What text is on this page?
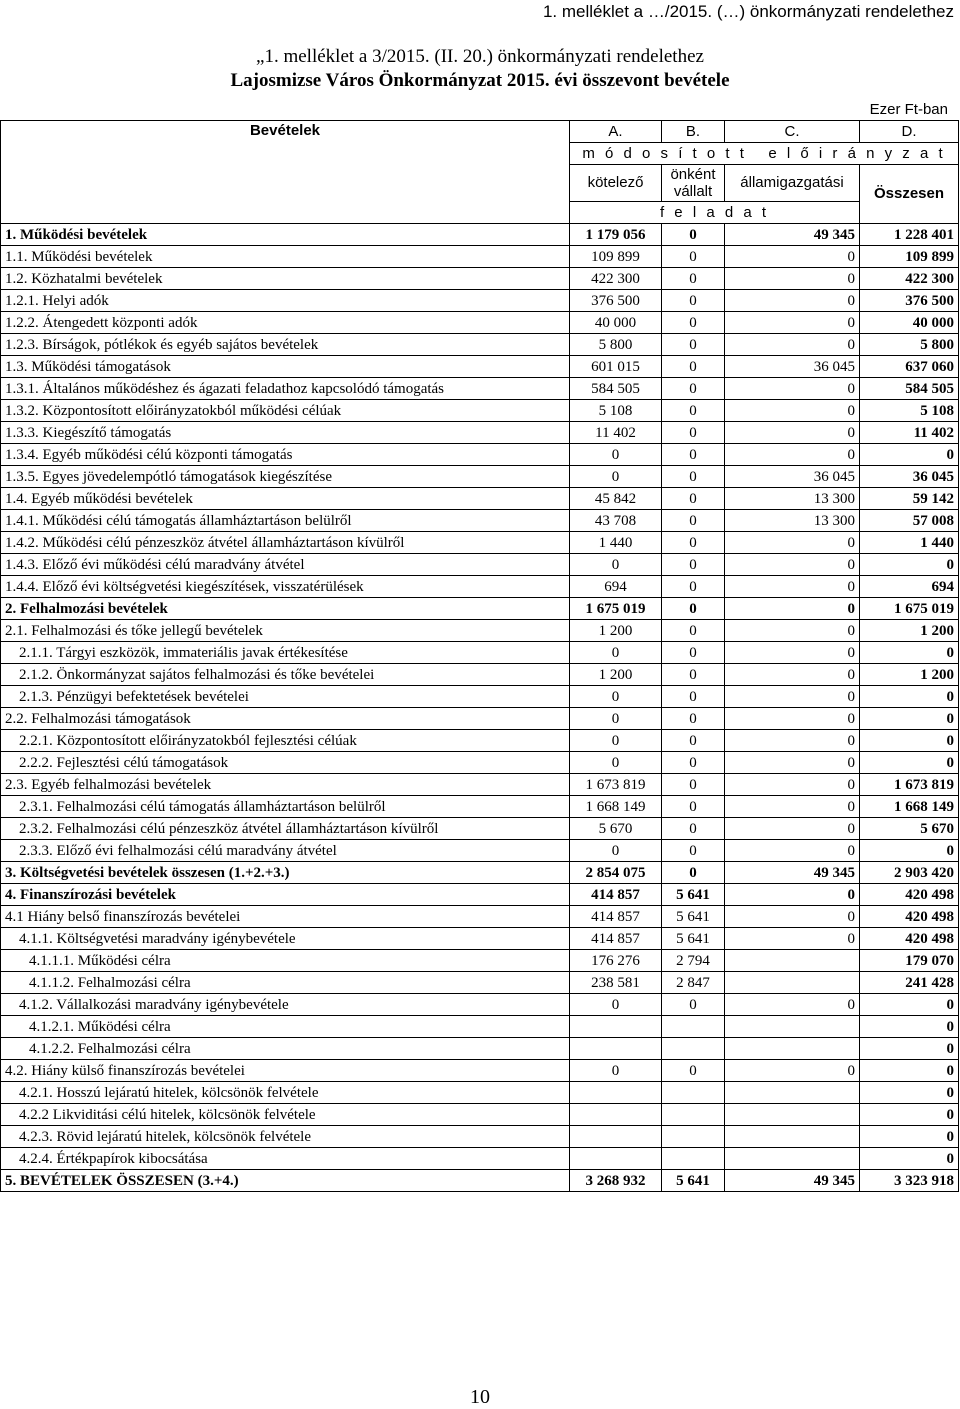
1. melléklet a …/2015. (…) önkormányzati rendelethez
„1. melléklet a 3/2015. (II. 20.) önkormányzati rendelethez
Lajosmizse Város Önkormányzat 2015. évi összevont bevétele
Ezer Ft-ban
Bevételek	A.	B.	C.	D.
	m ó d o s í t o t t   e l ő i r á n y z a t			
	kötelező	önként vállalt	államigazgatási	Összesen
	f e l a d a t			
1. Működési bevételek	1 179 056	0	49 345	1 228 401
1.1. Működési bevételek	109 899	0	0	109 899
1.2. Közhatalmi bevételek	422 300	0	0	422 300
1.2.1. Helyi adók	376 500	0	0	376 500
1.2.2. Átengedett központi adók	40 000	0	0	40 000
1.2.3. Bírságok, pótlékok és egyéb sajátos bevételek	5 800	0	0	5 800
1.3. Működési támogatások	601 015	0	36 045	637 060
1.3.1. Általános működéshez és ágazati feladathoz kapcsolódó támogatás	584 505	0	0	584 505
1.3.2. Központosított előirányzatokból működési célúak	5 108	0	0	5 108
1.3.3. Kiegészítő támogatás	11 402	0	0	11 402
1.3.4. Egyéb működési célú központi támogatás	0	0	0	0
1.3.5. Egyes jövedelempótló támogatások kiegészítése	0	0	36 045	36 045
1.4. Egyéb működési bevételek	45 842	0	13 300	59 142
1.4.1. Működési célú támogatás államháztartáson belülről	43 708	0	13 300	57 008
1.4.2. Működési célú pénzeszköz átvétel államháztartáson kívülről	1 440	0	0	1 440
1.4.3. Előző évi működési célú maradvány átvétel	0	0	0	0
1.4.4. Előző évi költségvetési kiegészítések, visszatérülések	694	0	0	694
2. Felhalmozási bevételek	1 675 019	0	0	1 675 019
2.1. Felhalmozási és tőke jellegű bevételek	1 200	0	0	1 200
2.1.1. Tárgyi eszközök, immateriális javak értékesítése	0	0	0	0
2.1.2. Önkormányzat sajátos felhalmozási és tőke bevételei	1 200	0	0	1 200
2.1.3. Pénzügyi befektetések bevételei	0	0	0	0
2.2. Felhalmozási támogatások	0	0	0	0
2.2.1. Központosított előirányzatokból fejlesztési célúak	0	0	0	0
2.2.2. Fejlesztési célú támogatások	0	0	0	0
2.3. Egyéb felhalmozási bevételek	1 673 819	0	0	1 673 819
2.3.1. Felhalmozási célú támogatás államháztartáson belülről	1 668 149	0	0	1 668 149
2.3.2. Felhalmozási célú pénzeszköz átvétel államháztartáson kívülről	5 670	0	0	5 670
2.3.3. Előző évi felhalmozási célú maradvány átvétel	0	0	0	0
3. Költségvetési bevételek összesen (1.+2.+3.)	2 854 075	0	49 345	2 903 420
4. Finanszírozási bevételek	414 857	5 641	0	420 498
4.1 Hiány belső finanszírozás bevételei	414 857	5 641	0	420 498
4.1.1. Költségvetési maradvány igénybevétele	414 857	5 641	0	420 498
4.1.1.1. Működési célra	176 276	2 794		179 070
4.1.1.2. Felhalmozási célra	238 581	2 847		241 428
4.1.2. Vállalkozási maradvány igénybevétele	0	0	0	0
4.1.2.1. Működési célra				0
4.1.2.2. Felhalmozási célra				0
4.2. Hiány külső finanszírozás bevételei	0	0	0	0
4.2.1. Hosszú lejáratú hitelek, kölcsönök felvétele				0
4.2.2 Likviditási célú hitelek, kölcsönök felvétele				0
4.2.3. Rövid lejáratú hitelek, kölcsönök felvétele				0
4.2.4. Értékpapírok kibocsátása				0
5. BEVÉTELEK ÖSSZESEN (3.+4.)	3 268 932	5 641	49 345	3 323 918
10
